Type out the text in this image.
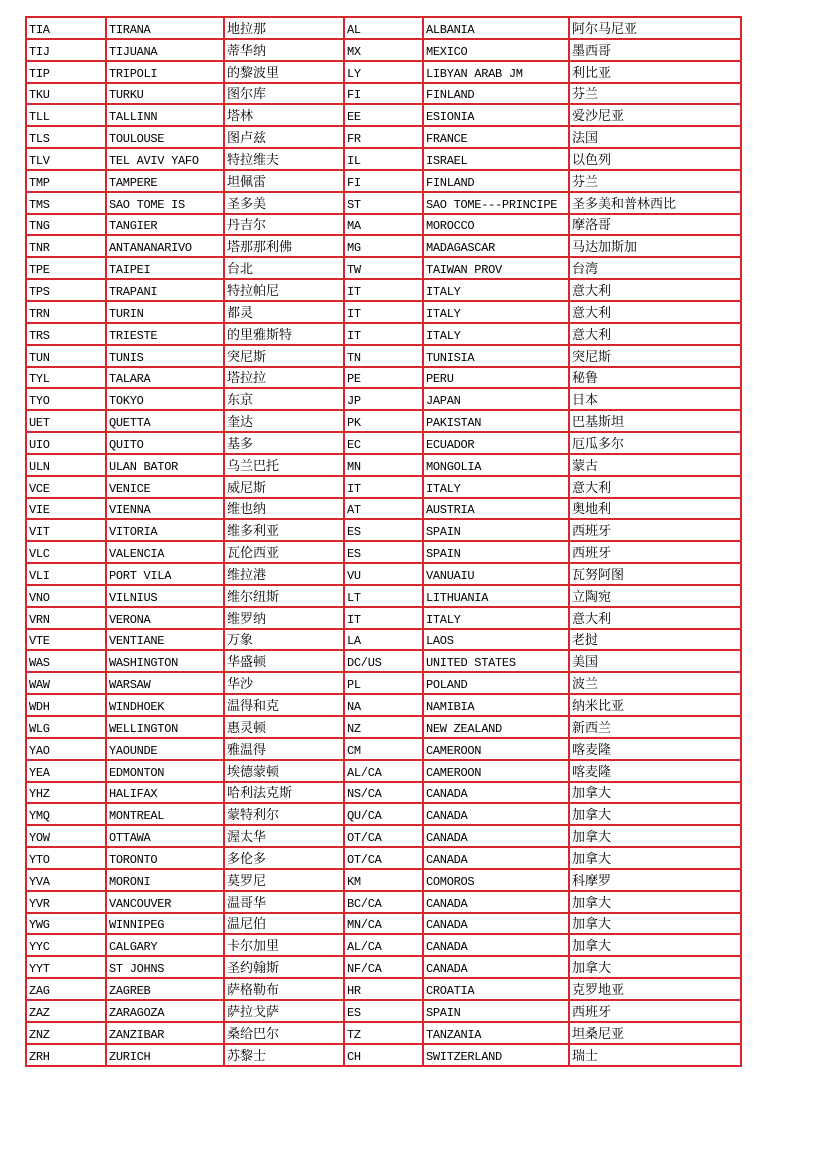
TIA	TIRANA	地拉那	AL	ALBANIA	阿尔马尼亚
TIJ	TIJUANA	蒂华纳	MX	MEXICO	墨西哥
TIP	TRIPOLI	的黎波里	LY	LIBYAN ARAB JM	利比亚
TKU	TURKU	图尔库	FI	FINLAND	芬兰
TLL	TALLINN	塔林	EE	ESIONIA	爱沙尼亚
TLS	TOULOUSE	图卢兹	FR	FRANCE	法国
TLV	TEL AVIV YAFO	特拉维夫	IL	ISRAEL	以色列
TMP	TAMPERE	坦佩雷	FI	FINLAND	芬兰
TMS	SAO TOME IS	圣多美	ST	SAO TOME---PRINCIPE	圣多美和普林西比
TNG	TANGIER	丹吉尔	MA	MOROCCO	摩洛哥
TNR	ANTANANARIVO	塔那那利佛	MG	MADAGASCAR	马达加斯加
TPE	TAIPEI	台北	TW	TAIWAN PROV	台湾
TPS	TRAPANI	特拉帕尼	IT	ITALY	意大利
TRN	TURIN	都灵	IT	ITALY	意大利
TRS	TRIESTE	的里雅斯特	IT	ITALY	意大利
TUN	TUNIS	突尼斯	TN	TUNISIA	突尼斯
TYL	TALARA	塔拉拉	PE	PERU	秘鲁
TYO	TOKYO	东京	JP	JAPAN	日本
UET	QUETTA	奎达	PK	PAKISTAN	巴基斯坦
UIO	QUITO	基多	EC	ECUADOR	厄瓜多尔
ULN	ULAN BATOR	乌兰巴托	MN	MONGOLIA	蒙古
VCE	VENICE	威尼斯	IT	ITALY	意大利
VIE	VIENNA	维也纳	AT	AUSTRIA	奥地利
VIT	VITORIA	维多利亚	ES	SPAIN	西班牙
VLC	VALENCIA	瓦伦西亚	ES	SPAIN	西班牙
VLI	PORT VILA	维拉港	VU	VANUAIU	瓦努阿图
VNO	VILNIUS	维尔纽斯	LT	LITHUANIA	立陶宛
VRN	VERONA	维罗纳	IT	ITALY	意大利
VTE	VENTIANE	万象	LA	LAOS	老挝
WAS	WASHINGTON	华盛顿	DC/US	UNITED STATES	美国
WAW	WARSAW	华沙	PL	POLAND	波兰
WDH	WINDHOEK	温得和克	NA	NAMIBIA	纳米比亚
WLG	WELLINGTON	惠灵顿	NZ	NEW ZEALAND	新西兰
YAO	YAOUNDE	雅温得	CM	CAMEROON	喀麦隆
YEA	EDMONTON	埃德蒙顿	AL/CA	CAMEROON	喀麦隆
YHZ	HALIFAX	哈利法克斯	NS/CA	CANADA	加拿大
YMQ	MONTREAL	蒙特利尔	QU/CA	CANADA	加拿大
YOW	OTTAWA	渥太华	OT/CA	CANADA	加拿大
YTO	TORONTO	多伦多	OT/CA	CANADA	加拿大
YVA	MORONI	莫罗尼	KM	COMOROS	科摩罗
YVR	VANCOUVER	温哥华	BC/CA	CANADA	加拿大
YWG	WINNIPEG	温尼伯	MN/CA	CANADA	加拿大
YYC	CALGARY	卡尔加里	AL/CA	CANADA	加拿大
YYT	ST JOHNS	圣约翰斯	NF/CA	CANADA	加拿大
ZAG	ZAGREB	萨格勒布	HR	CROATIA	克罗地亚
ZAZ	ZARAGOZA	萨拉戈萨	ES	SPAIN	西班牙
ZNZ	ZANZIBAR	桑给巴尔	TZ	TANZANIA	坦桑尼亚
ZRH	ZURICH	苏黎士	CH	SWITZERLAND	瑞士
